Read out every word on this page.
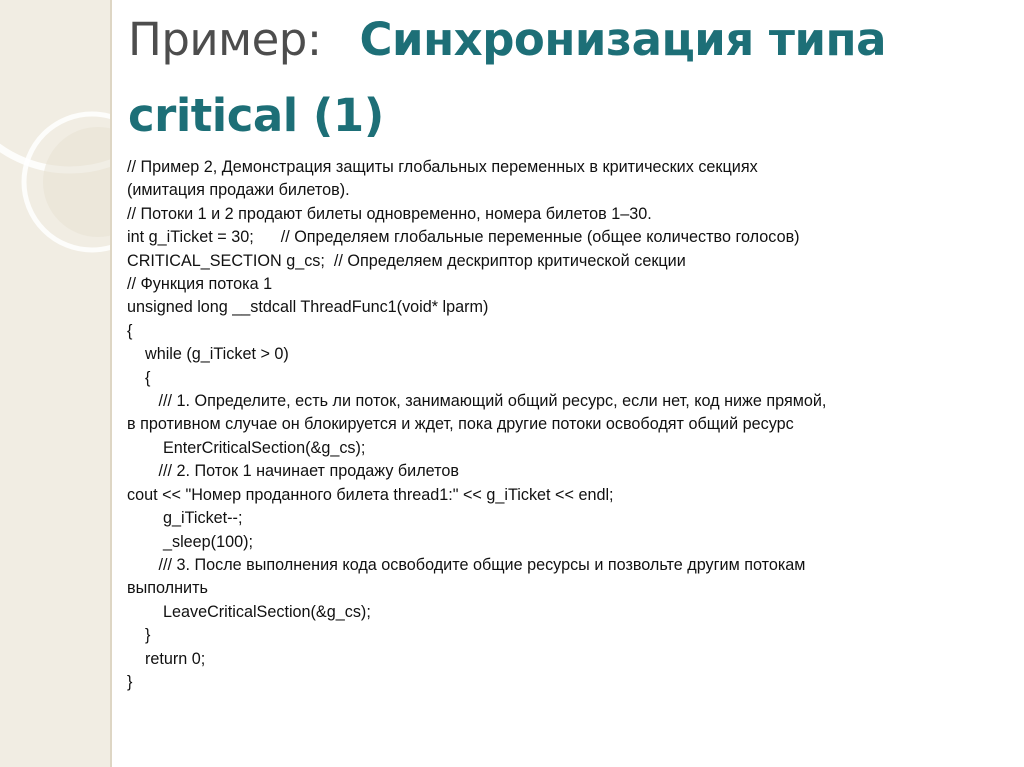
Пример: Синхронизация типа critical (1)
// Пример 2, Демонстрация защиты глобальных переменных в критических секциях
(имитация продажи билетов).
// Потоки 1 и 2 продают билеты одновременно, номера билетов 1–30.
int g_iTicket = 30;      // Определяем глобальные переменные (общее количество голосов)
CRITICAL_SECTION g_cs;  // Определяем дескриптор критической секции
// Функция потока 1
unsigned long __stdcall ThreadFunc1(void* lparm)
{
while (g_iTicket > 0)
{
/// 1. Определите, есть ли поток, занимающий общий ресурс, если нет, код ниже прямой,
в противном случае он блокируется и ждет, пока другие потоки освободят общий ресурс
EnterCriticalSection(&g_cs);
/// 2. Поток 1 начинает продажу билетов
cout << "Номер проданного билета thread1:" << g_iTicket << endl;
g_iTicket--;
_sleep(100);
/// 3. После выполнения кода освободите общие ресурсы и позвольте другим потокам
выполнить
LeaveCriticalSection(&g_cs);
}
return 0;
}
